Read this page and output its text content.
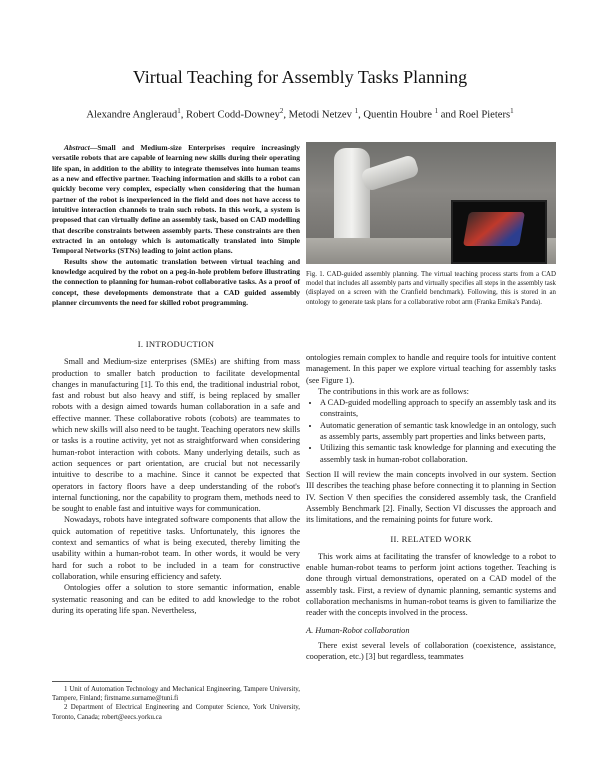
Virtual Teaching for Assembly Tasks Planning
Alexandre Angleraud$^1$, Robert Codd-Downey$^2$, Metodi Netzev $^1$, Quentin Houbre $^1$ and Roel Pieters$^1$

Abstract—Small and Medium-size Enterprises require increasingly versatile robots that are capable of learning new skills during their operating life span, in addition to the ability to integrate themselves into human teams as a new and effective partner. Teaching information and skills to a robot can quickly become very complex, especially when considering that the human partner of the robot is inexperienced in the field and does not have access to intuitive interaction channels to train such robots. In this work, a system is proposed that can virtually define an assembly task, based on CAD modelling that describe constraints between assembly parts. These constraints are then extracted in an ontology which is automatically translated into Simple Temporal Networks (STNs) leading to joint action plans.

Results show the automatic translation between virtual teaching and knowledge acquired by the robot on a peg-in-hole problem before illustrating the connection to planning for human-robot collaborative tasks. As a proof of concept, these developments demonstrate that a CAD guided assembly planner circumvents the need for skilled robot programming.

Fig. 1. CAD-guided assembly planning. The virtual teaching process starts from a CAD model that includes all assembly parts and virtually specifies all steps in the assembly task (displayed on a screen with the Cranfield benchmark). Following, this is stored in an ontology to generate task plans for a collaborative robot arm (Franka Emika's Panda).

I. INTRODUCTION

Small and Medium-size enterprises (SMEs) are shifting from mass production to smaller batch production to facilitate developmental changes in manufacturing [1]. To this end, the traditional industrial robot, fast and robust but also heavy and stiff, is being replaced by smaller robots with a design aimed towards human collaboration in a safe and effective manner. These collaborative robots (cobots) are teammates to which new skills will also need to be taught. Teaching operators new skills or tasks is a routine activity, yet not as straightforward when considering human-robot interaction with cobots. Many underlying details, such as action sequences or part orientation, are crucial but not necessarily intuitive to describe to a machine. Since it cannot be expected that operators in factory floors have a deep understanding of the robot's internal functioning, nor the capability to program them, methods need to be sought to enable fast and intuitive ways for communication.

Nowadays, robots have integrated software components that allow the quick automation of repetitive tasks. Unfortunately, this ignores the context and semantics of what is being executed, thereby limiting the usability within a human-robot team. In other words, it would be very hard for such a robot to be included in a team for constructive collaboration, while ensuring efficiency and safety.

Ontologies offer a solution to store semantic information, enable systematic reasoning and can be edited to add knowledge to the robot during its operating life span. Nevertheless,

1 Unit of Automation Technology and Mechanical Engineering, Tampere University, Tampere, Finland; firstname.surname@tuni.fi

2 Department of Electrical Engineering and Computer Science, York University, Toronto, Canada; robert@eecs.yorku.ca

ontologies remain complex to handle and require tools for intuitive content management. In this paper we explore virtual teaching for assembly tasks (see Figure 1).

The contributions in this work are as follows:

• A CAD-guided modelling approach to specify an assembly task and its constraints,
• Automatic generation of semantic task knowledge in an ontology, such as assembly parts, assembly part properties and links between parts,
• Utilizing this semantic task knowledge for planning and executing the assembly task in human-robot collaboration.

Section II will review the main concepts involved in our system. Section III describes the teaching phase before connecting it to planning in Section IV. Section V then specifies the considered assembly task, the Cranfield Assembly Benchmark [2]. Finally, Section VI discusses the approach and its limitations, and the remaining points for future work.

II. RELATED WORK

This work aims at facilitating the transfer of knowledge to a robot to enable human-robot teams to perform joint actions together. Teaching is done through virtual demonstrations, operated on a CAD model of the assembly task. First, a review of dynamic planning, semantic systems and collaboration mechanisms in human-robot teams is given to familiarize the reader with the concepts involved in the process.

A. Human-Robot collaboration

There exist several levels of collaboration (coexistence, assistance, cooperation, etc.) [3] but regardless, teammates
